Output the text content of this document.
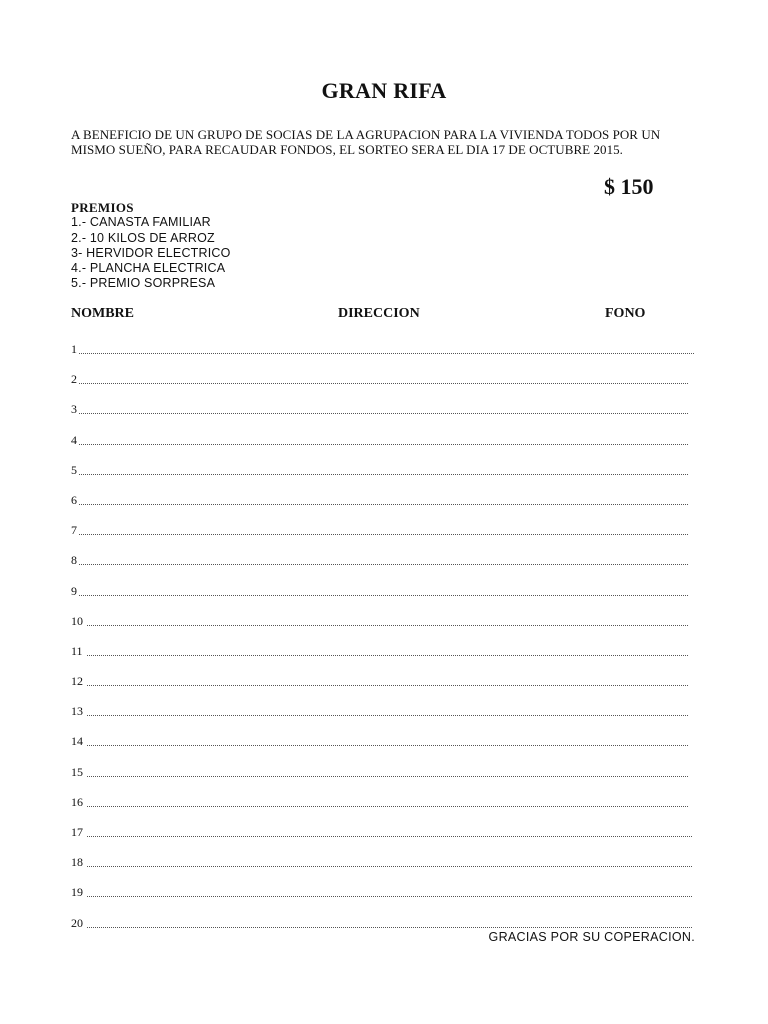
GRAN RIFA

A BENEFICIO DE UN GRUPO DE SOCIAS DE LA AGRUPACION PARA LA VIVIENDA TODOS POR UN MISMO SUEÑO, PARA RECAUDAR FONDOS, EL SORTEO SERA EL DIA 17 DE OCTUBRE 2015.

$ 150
PREMIOS
1.- CANASTA FAMILIAR
2.- 10 KILOS DE ARROZ
3- HERVIDOR ELECTRICO
4.- PLANCHA ELECTRICA
5.- PREMIO SORPRESA
NOMBRE	DIRECCION	FONO
1
2
3
4
5
6
7
8
9
10
11
12
13
14
15
16
17
18
19
20
GRACIAS POR SU COPERACION.
